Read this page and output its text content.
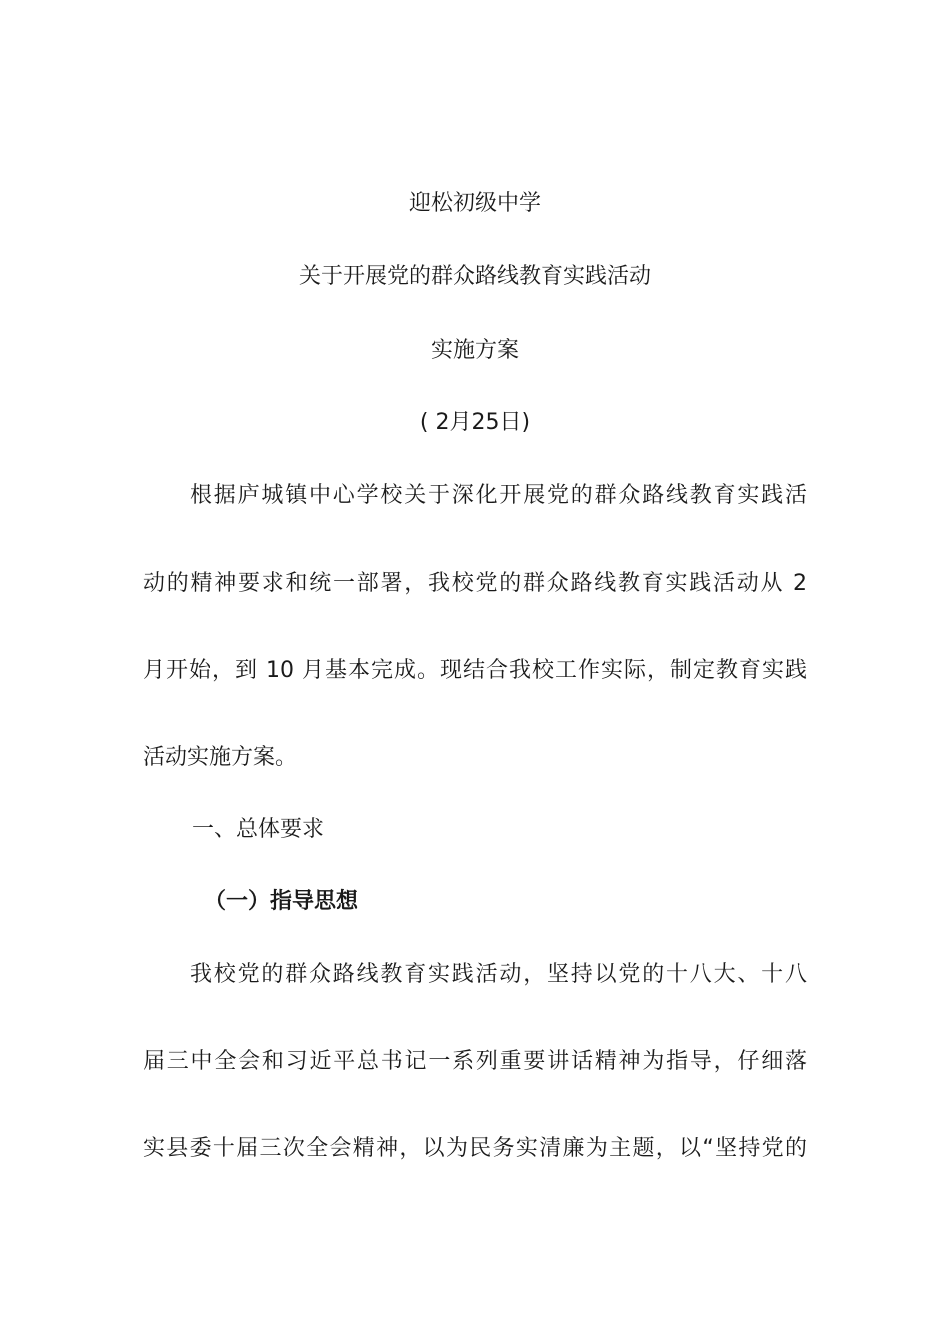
迎松初级中学
关于开展党的群众路线教育实践活动
实施方案
( 2月25日)
根据庐城镇中心学校关于深化开展党的群众路线教育实践活
动的精神要求和统一部署，我校党的群众路线教育实践活动从 2
月开始，到 10 月基本完成。现结合我校工作实际，制定教育实践
活动实施方案。
一、总体要求
（一）指导思想
我校党的群众路线教育实践活动，坚持以党的十八大、十八
届三中全会和习近平总书记一系列重要讲话精神为指导，仔细落
实县委十届三次全会精神，以为民务实清廉为主题，以“坚持党的
